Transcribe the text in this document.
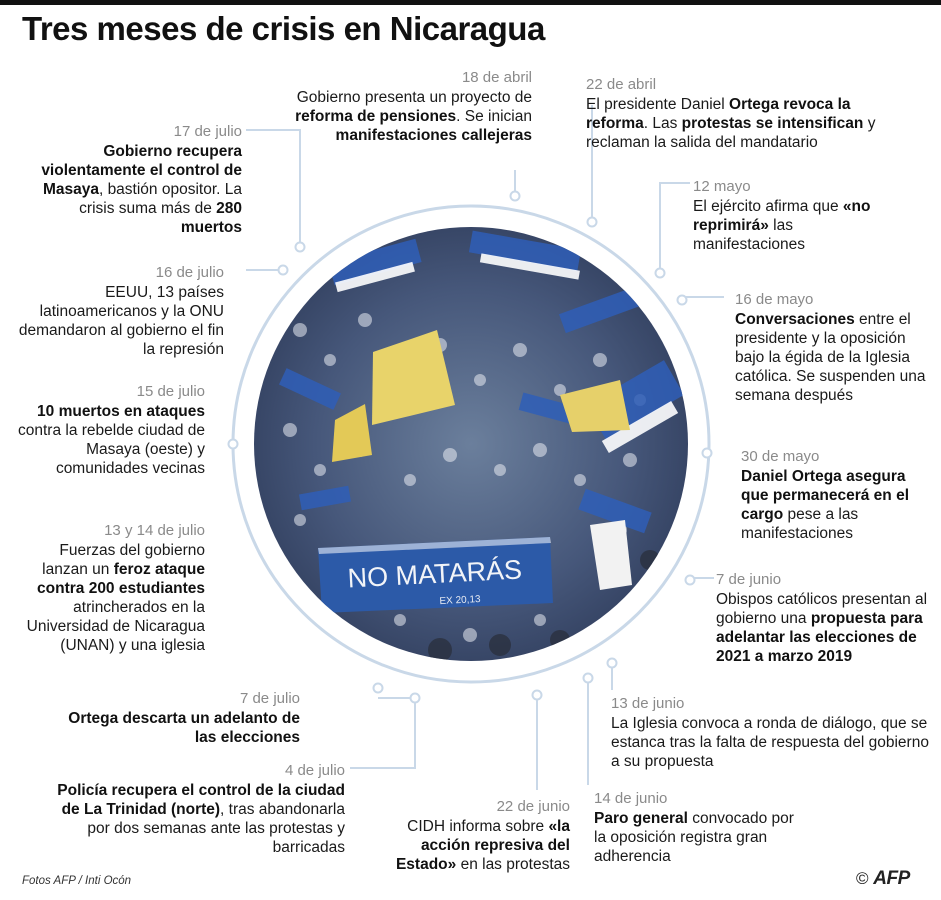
Tres meses de crisis en Nicaragua
NO MATARÁS
EX 20,13
18 de abril
Gobierno presenta un proyecto de reforma de pensiones. Se inician manifestaciones callejeras
22 de abril
El presidente Daniel Ortega revoca la reforma. Las protestas se intensifican y reclaman la salida del mandatario
12 mayo
El ejército afirma que «no reprimirá» las manifestaciones
16 de mayo
Conversaciones entre el presidente y la oposición bajo la égida de la Iglesia católica. Se suspenden una semana después
30 de mayo
Daniel Ortega asegura que permanecerá en el cargo pese a las manifestaciones
7 de junio
Obispos católicos presentan al gobierno una propuesta para adelantar las elecciones de 2021 a marzo 2019
13 de junio
La Iglesia convoca a ronda de diálogo, que se estanca tras la falta de respuesta del gobierno a su propuesta
14 de junio
Paro general convocado por la oposición registra gran adherencia
22 de junio
CIDH informa sobre «la acción represiva del Estado» en las protestas
4 de julio
Policía recupera el control de la ciudad de La Trinidad (norte), tras abandonarla por dos semanas ante las protestas y barricadas
7 de julio
Ortega descarta un adelanto de las elecciones
13 y 14 de julio
Fuerzas del gobierno lanzan un feroz ataque contra 200 estudiantes atrincherados en la Universidad de Nicaragua (UNAN) y una iglesia
15 de julio
10 muertos en ataques contra la rebelde ciudad de Masaya (oeste) y comunidades vecinas
16 de julio
EEUU, 13 países latinoamericanos y la ONU demandaron al gobierno el fin la represión
17 de julio
Gobierno recupera violentamente el control de Masaya, bastión opositor. La crisis suma más de 280 muertos
Fotos AFP / Inti Ocón	© AFP
